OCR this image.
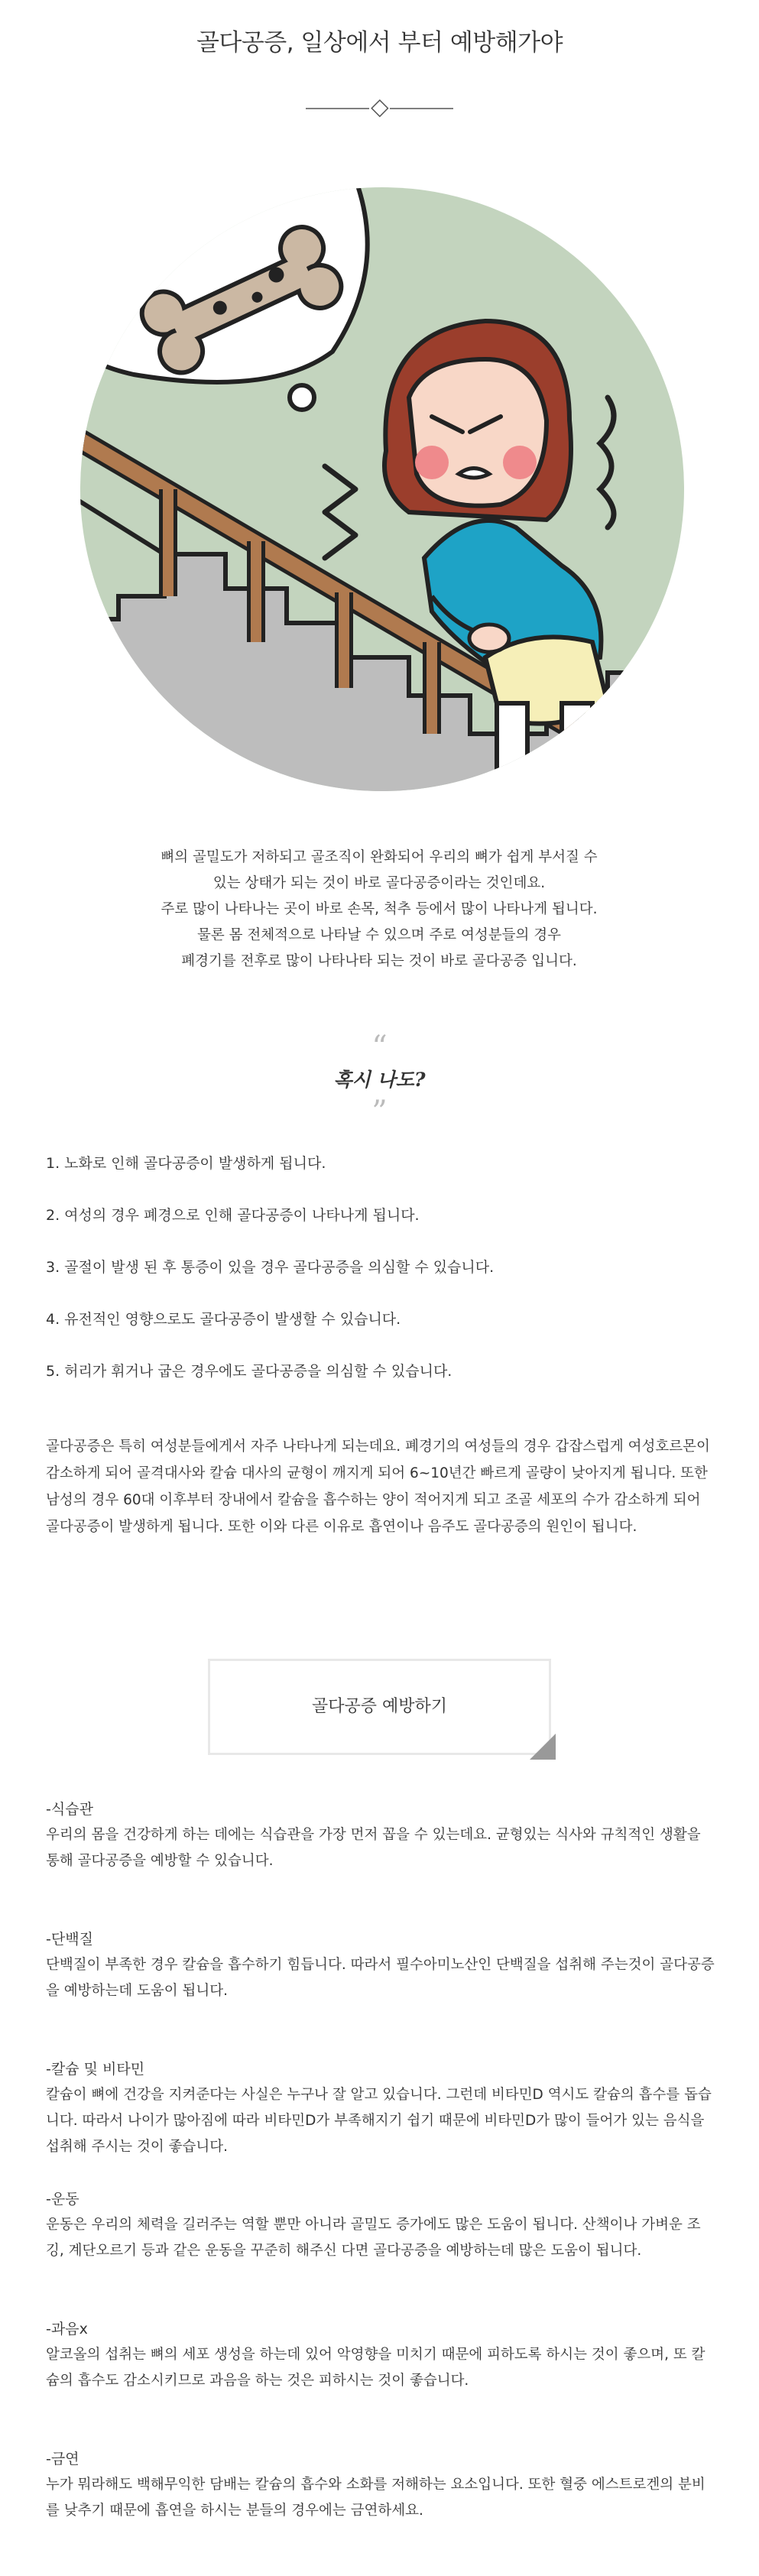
골다공증, 일상에서 부터 예방해가야

뼈의 골밀도가 저하되고 골조직이 완화되어 우리의 뼈가 쉽게 부서질 수

있는 상태가 되는 것이 바로 골다공증이라는 것인데요.

주로 많이 나타나는 곳이 바로 손목, 척추 등에서 많이 나타나게 됩니다.

물론 몸 전체적으로 나타날 수 있으며 주로 여성분들의 경우

폐경기를 전후로 많이 나타나타 되는 것이 바로 골다공증 입니다.

“
혹시 나도?
”
1. 노화로 인해 골다공증이 발생하게 됩니다.
2. 여성의 경우 폐경으로 인해 골다공증이 나타나게 됩니다.
3. 골절이 발생 된 후 통증이 있을 경우 골다공증을 의심할 수 있습니다.
4. 유전적인 영향으로도 골다공증이 발생할 수 있습니다.
5. 허리가 휘거나 굽은 경우에도 골다공증을 의심할 수 있습니다.

골다공증은 특히 여성분들에게서 자주 나타나게 되는데요. 폐경기의 여성들의 경우 갑잡스럽게 여성호르몬이 감소하게 되어 골격대사와 칼슘 대사의 균형이 깨지게 되어 6~10년간 빠르게 골량이 낮아지게 됩니다. 또한 남성의 경우 60대 이후부터 장내에서 칼슘을 흡수하는 양이 적어지게 되고 조골 세포의 수가 감소하게 되어 골다공증이 발생하게 됩니다. 또한 이와 다른 이유로 흡연이나 음주도 골다공증의 원인이 됩니다.

골다공증 예방하기

-식습관

우리의 몸을 건강하게 하는 데에는 식습관을 가장 먼저 꼽을 수 있는데요. 균형있는 식사와 규칙적인 생활을 통해 골다공증을 예방할 수 있습니다.

-단백질

단백질이 부족한 경우 칼슘을 흡수하기 힘듭니다. 따라서 필수아미노산인 단백질을 섭취해 주는것이 골다공증을 예방하는데 도움이 됩니다.

-칼슘 및 비타민

칼슘이 뼈에 건강을 지켜준다는 사실은 누구나 잘 알고 있습니다. 그런데 비타민D 역시도 칼슘의 흡수를 돕습니다. 따라서 나이가 많아짐에 따라 비타민D가 부족해지기 쉽기 때문에 비타민D가 많이 들어가 있는 음식을 섭취해 주시는 것이 좋습니다.

-운동

운동은 우리의 체력을 길러주는 역할 뿐만 아니라 골밀도 증가에도 많은 도움이 됩니다. 산책이나 가벼운 조깅, 계단오르기 등과 같은 운동을 꾸준히 해주신 다면 골다공증을 예방하는데 많은 도움이 됩니다.

-과음x

알코올의 섭취는 뼈의 세포 생성을 하는데 있어 악영향을 미치기 때문에 피하도록 하시는 것이 좋으며, 또 칼슘의 흡수도 감소시키므로 과음을 하는 것은 피하시는 것이 좋습니다.

-금연

누가 뭐라해도 백해무익한 담배는 칼슘의 흡수와 소화를 저해하는 요소입니다. 또한 혈중 에스트로겐의 분비를 낮추기 때문에 흡연을 하시는 분들의 경우에는 금연하세요.
